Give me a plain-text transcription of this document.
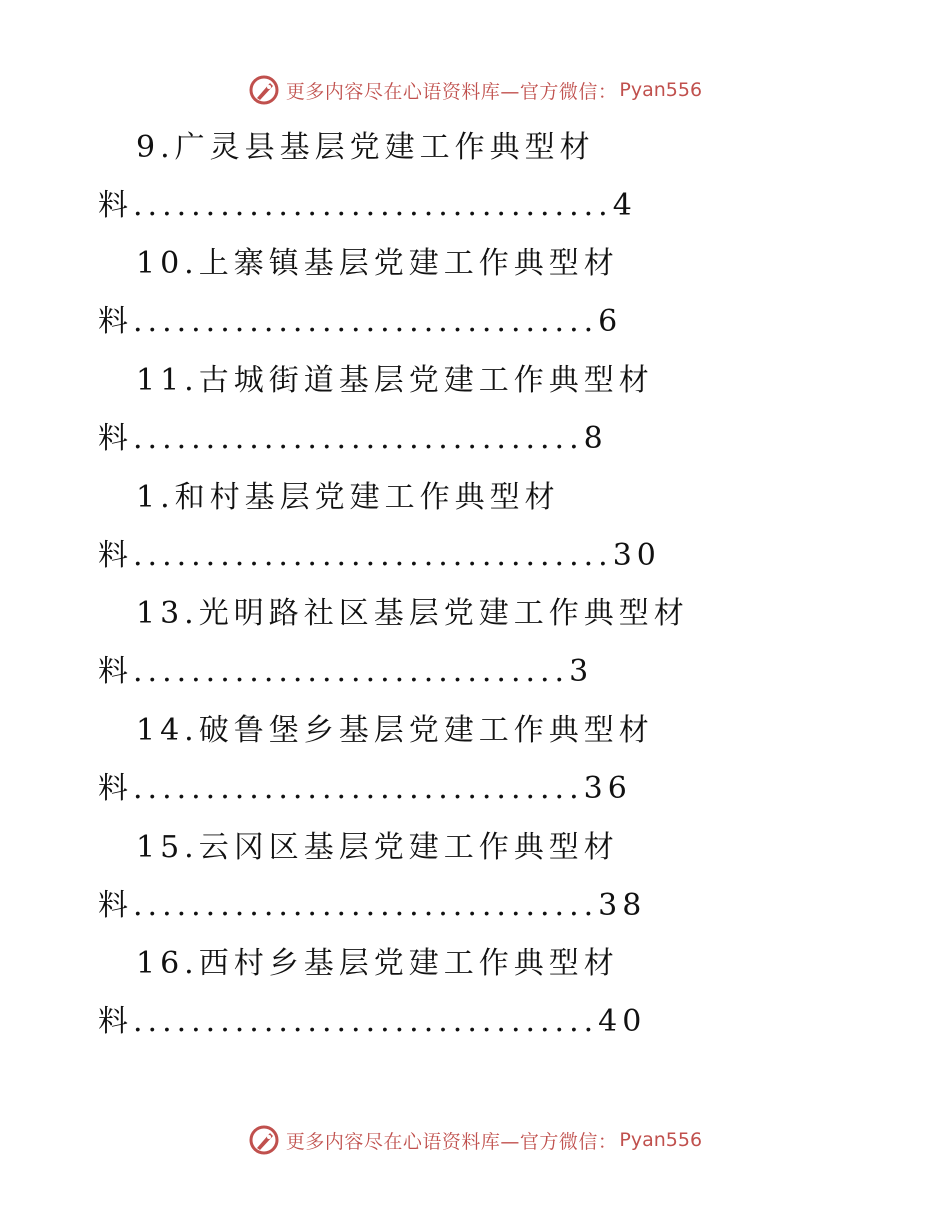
更多内容尽在心语资料库—官方微信： Pyan556
9.广灵县基层党建工作典型材
料.................................4
10.上寨镇基层党建工作典型材
料................................6
11.古城街道基层党建工作典型材
料...............................8
1.和村基层党建工作典型材
料.................................30
13.光明路社区基层党建工作典型材
料..............................3
14.破鲁堡乡基层党建工作典型材
料...............................36
15.云冈区基层党建工作典型材
料................................38
16.西村乡基层党建工作典型材
料................................40
更多内容尽在心语资料库—官方微信： Pyan556
